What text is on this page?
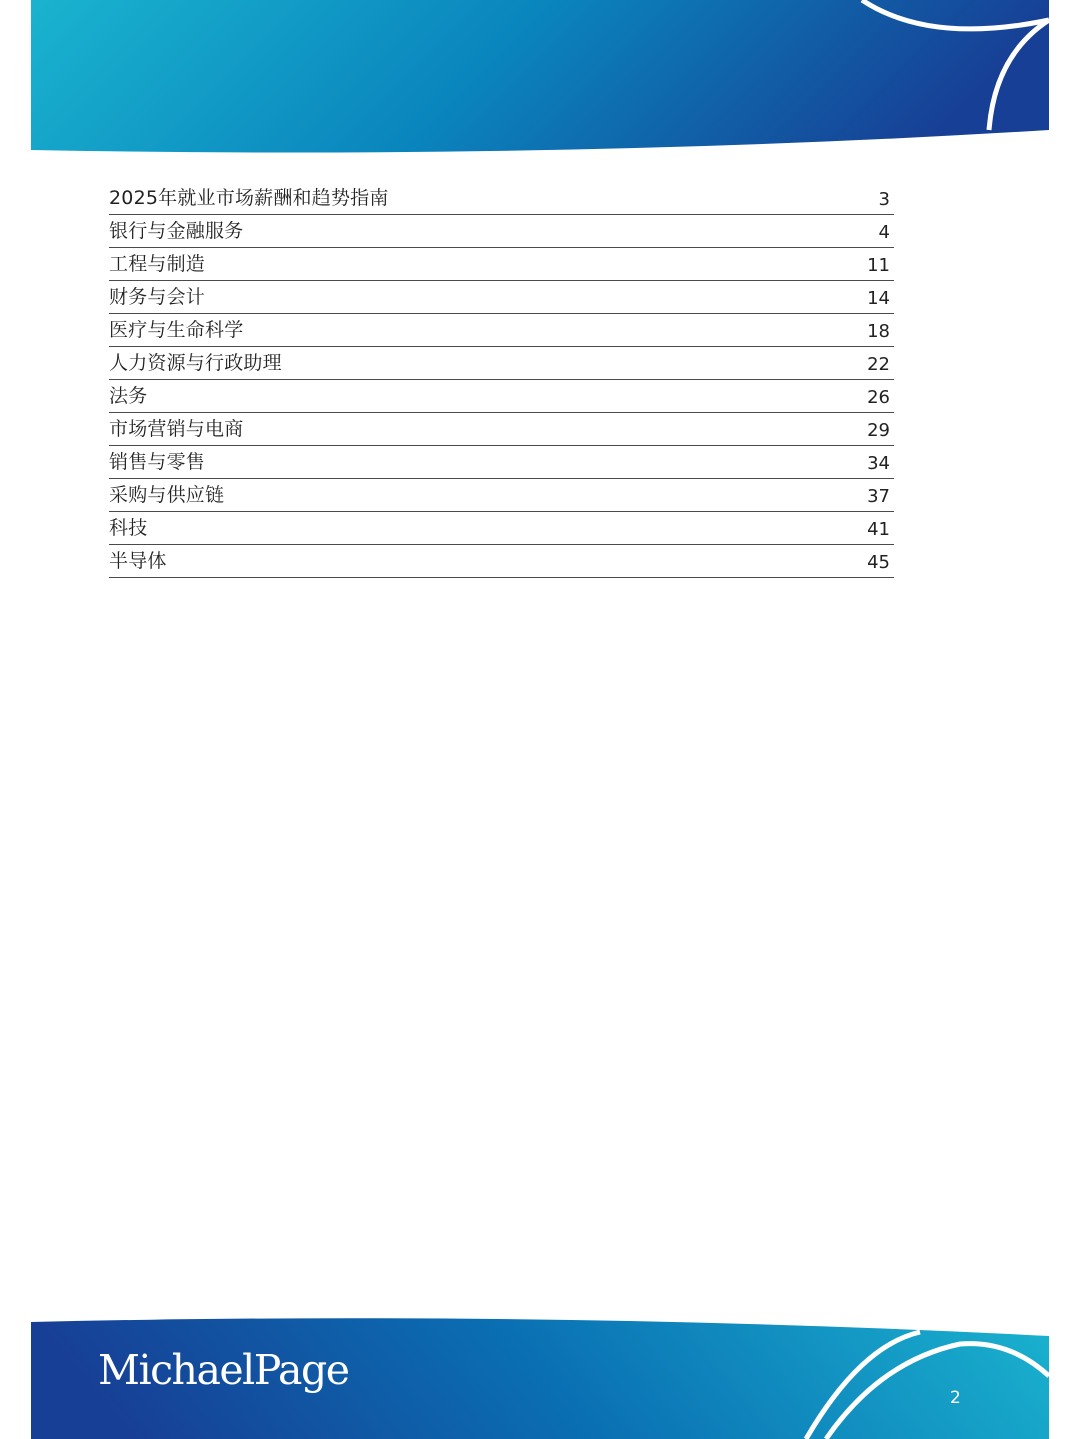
2025年就业市场薪酬和趋势指南	3
银行与金融服务	4
工程与制造	11
财务与会计	14
医疗与生命科学	18
人力资源与行政助理	22
法务	26
市场营销与电商	29
销售与零售	34
采购与供应链	37
科技	41
半导体	45
MichaelPage
2
